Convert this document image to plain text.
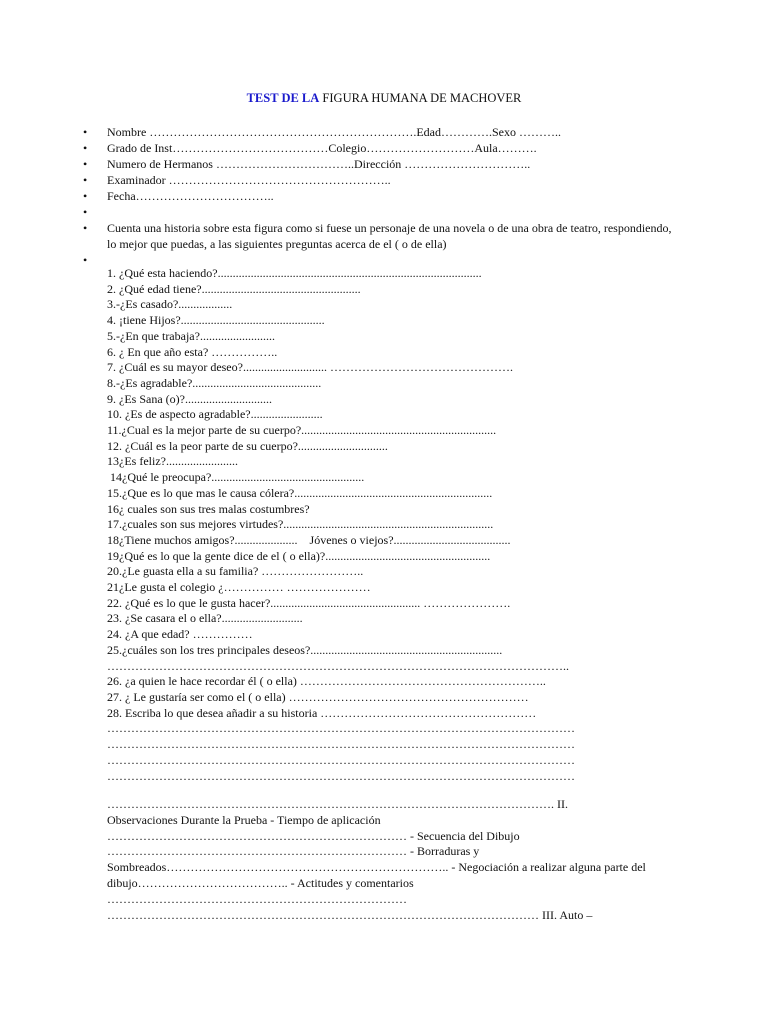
TEST DE LA FIGURA HUMANA DE MACHOVER
• Nombre ………………………………………………………….Edad………….Sexo ………..
• Grado de Inst…………………………………Colegio………………………Aula……….
• Numero de Hermanos ……………………………..Dirección …………………………..
• Examinador ………………………………………………..
• Fecha……………………………..
•
• Cuenta una historia sobre esta figura como si fuese un personaje de una novela o de una obra de teatro, respondiendo, lo mejor que puedas, a las siguientes preguntas acerca de el ( o de ella)
•
1. ¿Qué esta haciendo?........................................................................................
2. ¿Qué edad tiene?.....................................................
3.-¿Es casado?..................
4. ¡tiene Hijos?................................................
5.-¿En que trabaja?.........................
6. ¿ En que año esta? ……………..
7. ¿Cuál es su mayor deseo?............................ ……………………………………….
8.-¿Es agradable?...........................................
9. ¿Es Sana (o)?.............................
10. ¿Es de aspecto agradable?........................
11.¿Cual es la mejor parte de su cuerpo?.................................................................
12. ¿Cuál es la peor parte de su cuerpo?..............................
13¿Es feliz?........................
14¿Qué le preocupa?...................................................
15.¿Que es lo que mas le causa cólera?..................................................................
16¿ cuales son sus tres malas costumbres?
17.¿cuales son sus mejores virtudes?......................................................................
18¿Tiene muchos amigos?.....................    Jóvenes o viejos?.......................................
19¿Qué es lo que la gente dice de el ( o ella)?.......................................................
20.¿Le guasta ella a su familia? ……………………..
21¿Le gusta el colegio ¿…………… …………………
22. ¿Qué es lo que le gusta hacer?.................................................. ………………….
23. ¿Se casara el o ella?...........................
24. ¿A que edad? ……………
25.¿cuáles son los tres principales deseos?................................................................
……………………………………………………………………………………………………..
26. ¿a quien le hace recordar él ( o ella) ……………………………………………………..
27. ¿ Le gustaría ser como el ( o ella) ……………………………………………………
28. Escriba lo que desea añadir a su historia ………………………………………………
………………………………………………………………………………………………………
………………………………………………………………………………………………………
………………………………………………………………………………………………………
………………………………………………………………………………………………………
…………………………………………………………………………………………………. II.
Observaciones Durante la Prueba - Tiempo de aplicación
………………………………………………………………… - Secuencia del Dibujo
………………………………………………………………… - Borraduras y
Sombreados…………………………………………………………….. - Negociación a realizar alguna parte del dibujo……………………………….. - Actitudes y comentarios
…………………………………………………………………
……………………………………………………………………………………………… III. Auto –
